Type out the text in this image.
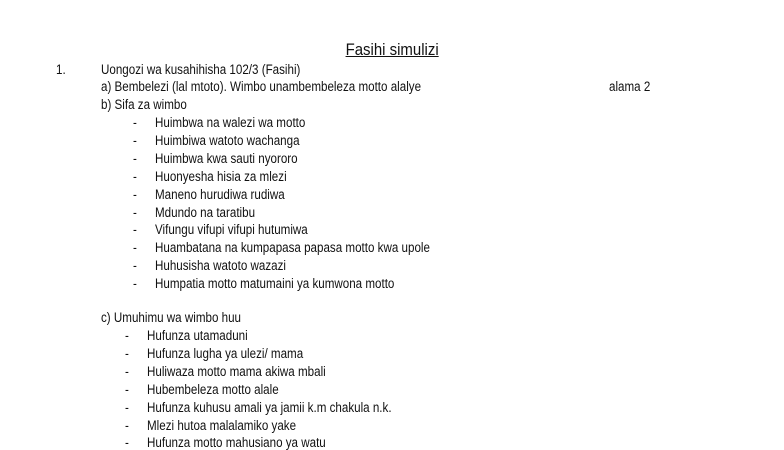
Fasihi simulizi
1.	Uongozi wa kusahihisha 102/3 (Fasihi)
a) Bembelezi (lal mtoto). Wimbo unambembeleza motto alalye	alama 2
b) Sifa za wimbo
- Huimbwa na walezi wa motto
- Huimbiwa watoto wachanga
- Huimbwa kwa sauti nyororo
- Huonyesha hisia za mlezi
- Maneno hurudiwa rudiwa
- Mdundo na taratibu
- Vifungu vifupi vifupi hutumiwa
- Huambatana na kumpapasa papasa motto kwa upole
- Huhusisha watoto wazazi
- Humpatia motto matumaini ya kumwona motto
c) Umuhimu wa wimbo huu
- Hufunza utamaduni
- Hufunza lugha ya ulezi/ mama
- Huliwaza motto mama akiwa mbali
- Hubembeleza motto alale
- Hufunza kuhusu amali ya jamii k.m chakula n.k.
- Mlezi hutoa malalamiko yake
- Hufunza motto mahusiano ya watu
